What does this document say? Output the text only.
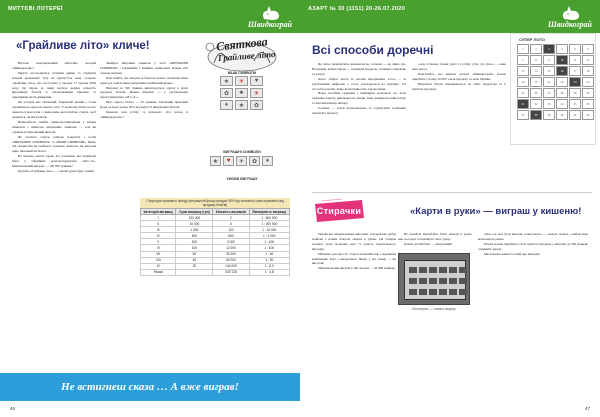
МИТТЄВІ ЛОТЕРЕЇ
Швидкограй
«Грайливе літо» кличе!

Вітаємо шанувальників миттєвих лотерей «Швидкограй»!

Мрієте насолодитися теплими днями та отримати яскраві враження? Тоді не пропустіть нову лотерею «Грайливе літо», що поступила у продаж 17 червня 2020 року. Це тираж А, який налічує велику кількість виграшних білетів із гарантованими призами та приємними несподіванками.

Ця лотерея має святковий, барвистий дизайн і стане справжньою окрасою вашого літа. У кожному білеті на вас чекають ігрові поля з символами, які потрібно стерти, щоб дізнатися, чи виграли ви.

Намагайтеся знайти символи-співпадіння у ваших символах і символах виграшних символів — тоді ви отримаєте відповідний виграш.

Як гратися: стерти захисне покриття з полів «ВИГРАШНІ СИМВОЛИ» та «ВАШІ СИМВОЛИ». Якщо під покриттям ви знайдете однакові символи, ви виграли приз, вказаний на білеті.

На виграш мають право всі учасники, які придбали білет у офіційних розповсюджувачів «М.С.Л.». Максимальний виграш — 100 000 гривень!

Купуйте «Грайливе літо» — і нехай удача буде з вами!

Знайдіть виграшні символи у полі «ВИГРАШНІ СИМВОЛИ» і порівняйте з вашими символами. Кожен збіг означає виграш.

Пам’ятайте, що виграш за білетом можна отримати лише один раз, навіть якщо виграшних комбінацій кілька.

Виграші до 500 гривень виплачуються одразу в місці продажу білетів. Більші виграші — у регіональних представництвах «М.С.Л.».

Ціна одного білета — 20 гривень. Загальний призовий фонд складає понад 50% від вартості випущених білетів.

Бажаємо вам успіху та яскравого літа разом зі «Швидкограєм»!

Святкова
Грайливе літо
ВАШІ СИМВОЛИ
★	☀	♥
✿	♣	☀
♦	★	✿
ВИГРАШНІ СИМВОЛИ
★	♥	☀	✿	♦
УМОВИ ВИГРАШУ
Структура призового фонду (виграшний фонд складає 50% від загальної суми отриманої від продажу білетів)
Категорія виграшу	Сума виграшу (грн)	Кількість виграшів	Ймовірність виграшу
I	100 000	2	1 : 600 000
II	10 000	6	1 : 200 000
III	1 000	120	1 : 10 000
IV	500	600	1 : 2 000
V	200	3 000	1 : 400
VI	100	12 000	1 : 100
VII	50	30 000	1 : 40
VIII	40	60 000	1 : 20
IX	20	144 000	1 : 8,3
Разом		249 728	1 : 4,8
Не встигнеш сказа … А вже виграв!
46
АЗАРТ № 30 (1151) 20-26.07.2020
Швидкограй
Всі способи доречні

Як легко помилитися, вважаючи що лотерея — це лише гра. Насправді, кожен тираж — справжня подорож, сповнена очікувань та азарту.

Дехто обирає числа за датами народження, хтось — за улюбленими цифрами, а хтось покладається на інтуїцію. Усі способи доречні, якщо вони приносять задоволення.

Наша постійна гравчиня з Київщини розповіла, що вона заповнює картку, дивлячись на хмари. Інші довіряють комп’ютеру та автоматичному вибору.

Головне — грати відповідально та отримувати позитивні емоції від процесу.

«Але я бажаю тільки удачі та успіху усім, хто грає» — каже наш читач.

Пам’ятайте, що квитки лотереї «Швидкограй» можна придбати у понад 10 000 точок продажу по всій Україні.

Виграшні білети перевіряються на сайті оператора та в пунктах продажу.

СУПЕР ЛОТО
1	2	3	4	5	6
7	8	9	10	11	12
13	14	15	16	17	18
19	20	21	22	23	24
25	26	27	28	29	30
31	32	33	34	35	36
37	38	39	40	41	42
Стирачки	«Карти в руки» — виграш у кишеню!

Українські шанувальники миттєвих лотерей вже добре знайомі з новим білетом «Карти в руки». Ця лотерея поєднує азарт гральних карт та радість гарантованого виграшу.

Механіка гри проста: стерти захисний шар і порівняти комбінацію карт з виграшною. Якщо у вас покер — ви виграли!

Максимальний виграш у цій лотереї — 50 000 гривень.

Не чекайте! Придбайте білет «Карти в руки» вже сьогодні та перевірте свою удачу.

Кожен третій білет — виграшний!

Лототрон — символ азарту

«Ось-ось має бути виграш, пощастить!» — кажуть гравці, і найчастіше вони мають рацію.

Білети можна придбати у всіх пунктах продажу, а виграші до 500 гривень отримати одразу.

Ми чекаємо ваших історій про виграші!

47
